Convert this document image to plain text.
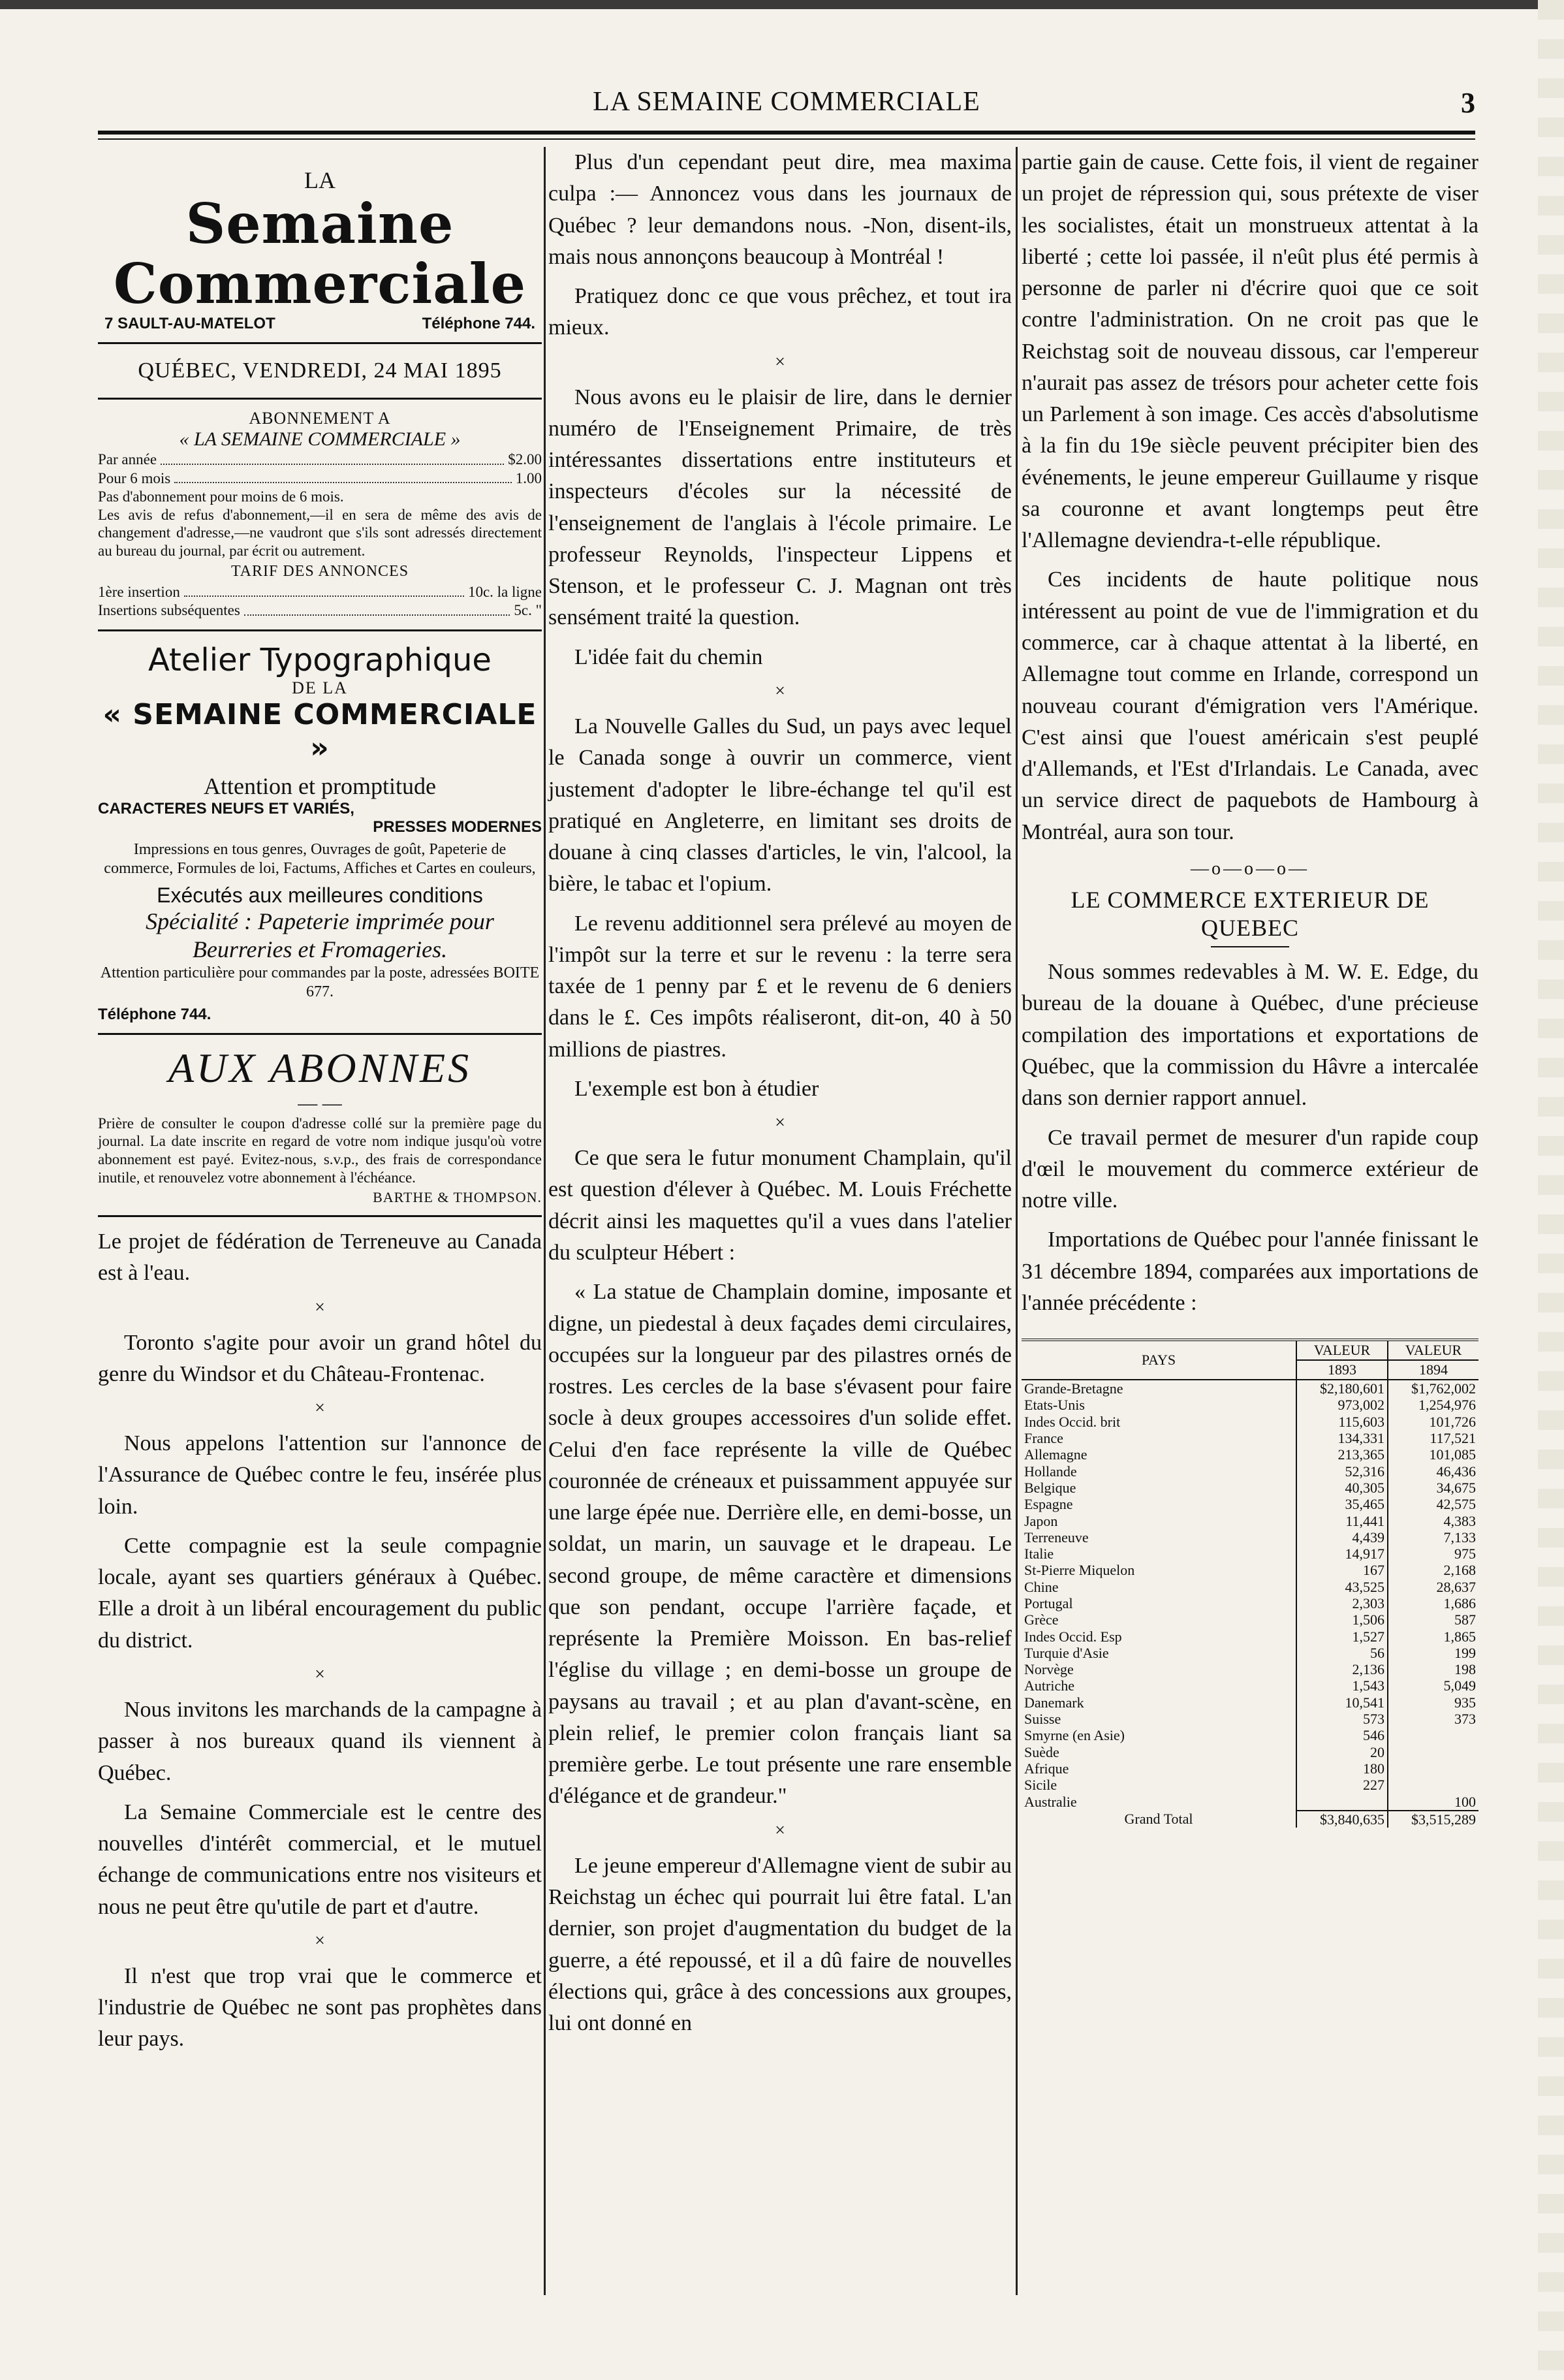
LA SEMAINE COMMERCIALE	3
LA
Semaine Commerciale
7 SAULT-AU-MATELOT	Téléphone 744.
QUÉBEC, VENDREDI, 24 MAI 1895
ABONNEMENT A
« LA SEMAINE COMMERCIALE »
Par année	$2.00
Pour 6 mois	1.00

Pas d'abonnement pour moins de 6 mois.

Les avis de refus d'abonnement,—il en sera de même des avis de changement d'adresse,—ne vaudront que s'ils sont adressés directement au bureau du journal, par écrit ou autrement.

TARIF DES ANNONCES
1ère insertion	10c. la ligne
Insertions subséquentes	5c. "
Atelier Typographique
DE LA
« SEMAINE COMMERCIALE »
Attention et promptitude
CARACTERES NEUFS ET VARIÉS,
PRESSES MODERNES
Impressions en tous genres, Ouvrages de goût, Papeterie de commerce, Formules de loi, Factums, Affiches et Cartes en couleurs,
Exécutés aux meilleures conditions
Spécialité : Papeterie imprimée pour Beurreries et Fromageries.
Attention particulière pour commandes par la poste, adressées BOITE 677.
Téléphone 744.
AUX ABONNES
— —

Prière de consulter le coupon d'adresse collé sur la première page du journal. La date inscrite en regard de votre nom indique jusqu'où votre abonnement est payé. Evitez-nous, s.v.p., des frais de correspondance inutile, et renouvelez votre abonnement à l'échéance.

BARTHE & THOMPSON.

Le projet de fédération de Terreneuve au Canada est à l'eau.

×

Toronto s'agite pour avoir un grand hôtel du genre du Windsor et du Château-Frontenac.

×

Nous appelons l'attention sur l'annonce de l'Assurance de Québec contre le feu, insérée plus loin.

Cette compagnie est la seule compagnie locale, ayant ses quartiers généraux à Québec. Elle a droit à un libéral encouragement du public du district.

×

Nous invitons les marchands de la campagne à passer à nos bureaux quand ils viennent à Québec.

La Semaine Commerciale est le centre des nouvelles d'intérêt commercial, et le mutuel échange de communications entre nos visiteurs et nous ne peut être qu'utile de part et d'autre.

×

Il n'est que trop vrai que le commerce et l'industrie de Québec ne sont pas prophètes dans leur pays.

Plus d'un cependant peut dire, mea maxima culpa :— Annoncez vous dans les journaux de Québec ? leur demandons nous. -Non, disent-ils, mais nous annonçons beaucoup à Montréal !

Pratiquez donc ce que vous prêchez, et tout ira mieux.

×

Nous avons eu le plaisir de lire, dans le dernier numéro de l'Enseignement Primaire, de très intéressantes dissertations entre instituteurs et inspecteurs d'écoles sur la nécessité de l'enseignement de l'anglais à l'école primaire. Le professeur Reynolds, l'inspecteur Lippens et Stenson, et le professeur C. J. Magnan ont très sensément traité la question.

L'idée fait du chemin

×

La Nouvelle Galles du Sud, un pays avec lequel le Canada songe à ouvrir un commerce, vient justement d'adopter le libre-échange tel qu'il est pratiqué en Angleterre, en limitant ses droits de douane à cinq classes d'articles, le vin, l'alcool, la bière, le tabac et l'opium.

Le revenu additionnel sera prélevé au moyen de l'impôt sur la terre et sur le revenu : la terre sera taxée de 1 penny par £ et le revenu de 6 deniers dans le £. Ces impôts réaliseront, dit-on, 40 à 50 millions de piastres.

L'exemple est bon à étudier

×

Ce que sera le futur monument Champlain, qu'il est question d'élever à Québec. M. Louis Fréchette décrit ainsi les maquettes qu'il a vues dans l'atelier du sculpteur Hébert :

« La statue de Champlain domine, imposante et digne, un piedestal à deux façades demi circulaires, occupées sur la longueur par des pilastres ornés de rostres. Les cercles de la base s'évasent pour faire socle à deux groupes accessoires d'un solide effet. Celui d'en face représente la ville de Québec couronnée de créneaux et puissamment appuyée sur une large épée nue. Derrière elle, en demi-bosse, un soldat, un marin, un sauvage et le drapeau. Le second groupe, de même caractère et dimensions que son pendant, occupe l'arrière façade, et représente la Première Moisson. En bas-relief l'église du village ; en demi-bosse un groupe de paysans au travail ; et au plan d'avant-scène, en plein relief, le premier colon français liant sa première gerbe. Le tout présente une rare ensemble d'élégance et de grandeur."

×

Le jeune empereur d'Allemagne vient de subir au Reichstag un échec qui pourrait lui être fatal. L'an dernier, son projet d'augmentation du budget de la guerre, a été repoussé, et il a dû faire de nouvelles élections qui, grâce à des concessions aux groupes, lui ont donné en

partie gain de cause. Cette fois, il vient de regainer un projet de répression qui, sous prétexte de viser les socialistes, était un monstrueux attentat à la liberté ; cette loi passée, il n'eût plus été permis à personne de parler ni d'écrire quoi que ce soit contre l'administration. On ne croit pas que le Reichstag soit de nouveau dissous, car l'empereur n'aurait pas assez de trésors pour acheter cette fois un Parlement à son image. Ces accès d'absolutisme à la fin du 19e siècle peuvent précipiter bien des événements, le jeune empereur Guillaume y risque sa couronne et avant longtemps peut être l'Allemagne deviendra-t-elle république.

Ces incidents de haute politique nous intéressent au point de vue de l'immigration et du commerce, car à chaque attentat à la liberté, en Allemagne tout comme en Irlande, correspond un nouveau courant d'émigration vers l'Amérique. C'est ainsi que l'ouest américain s'est peuplé d'Allemands, et l'Est d'Irlandais. Le Canada, avec un service direct de paquebots de Hambourg à Montréal, aura son tour.

—o—o—o—
LE COMMERCE EXTERIEUR DE QUEBEC

Nous sommes redevables à M. W. E. Edge, du bureau de la douane à Québec, d'une précieuse compilation des importations et exportations de Québec, que la commission du Hâvre a intercalée dans son dernier rapport annuel.

Ce travail permet de mesurer d'un rapide coup d'œil le mouvement du commerce extérieur de notre ville.

Importations de Québec pour l'année finissant le 31 décembre 1894, comparées aux importations de l'année précédente :

PAYS	VALEUR	VALEUR
	1893	1894
Grande-Bretagne	$2,180,601	$1,762,002
Etats-Unis	973,002	1,254,976
Indes Occid. brit	115,603	101,726
France	134,331	117,521
Allemagne	213,365	101,085
Hollande	52,316	46,436
Belgique	40,305	34,675
Espagne	35,465	42,575
Japon	11,441	4,383
Terreneuve	4,439	7,133
Italie	14,917	975
St-Pierre Miquelon	167	2,168
Chine	43,525	28,637
Portugal	2,303	1,686
Grèce	1,506	587
Indes Occid. Esp	1,527	1,865
Turquie d'Asie	56	199
Norvège	2,136	198
Autriche	1,543	5,049
Danemark	10,541	935
Suisse	573	373
Smyrne (en Asie)	546	
Suède	20	
Afrique	180	
Sicile	227	
Australie		100
Grand Total	$3,840,635	$3,515,289
